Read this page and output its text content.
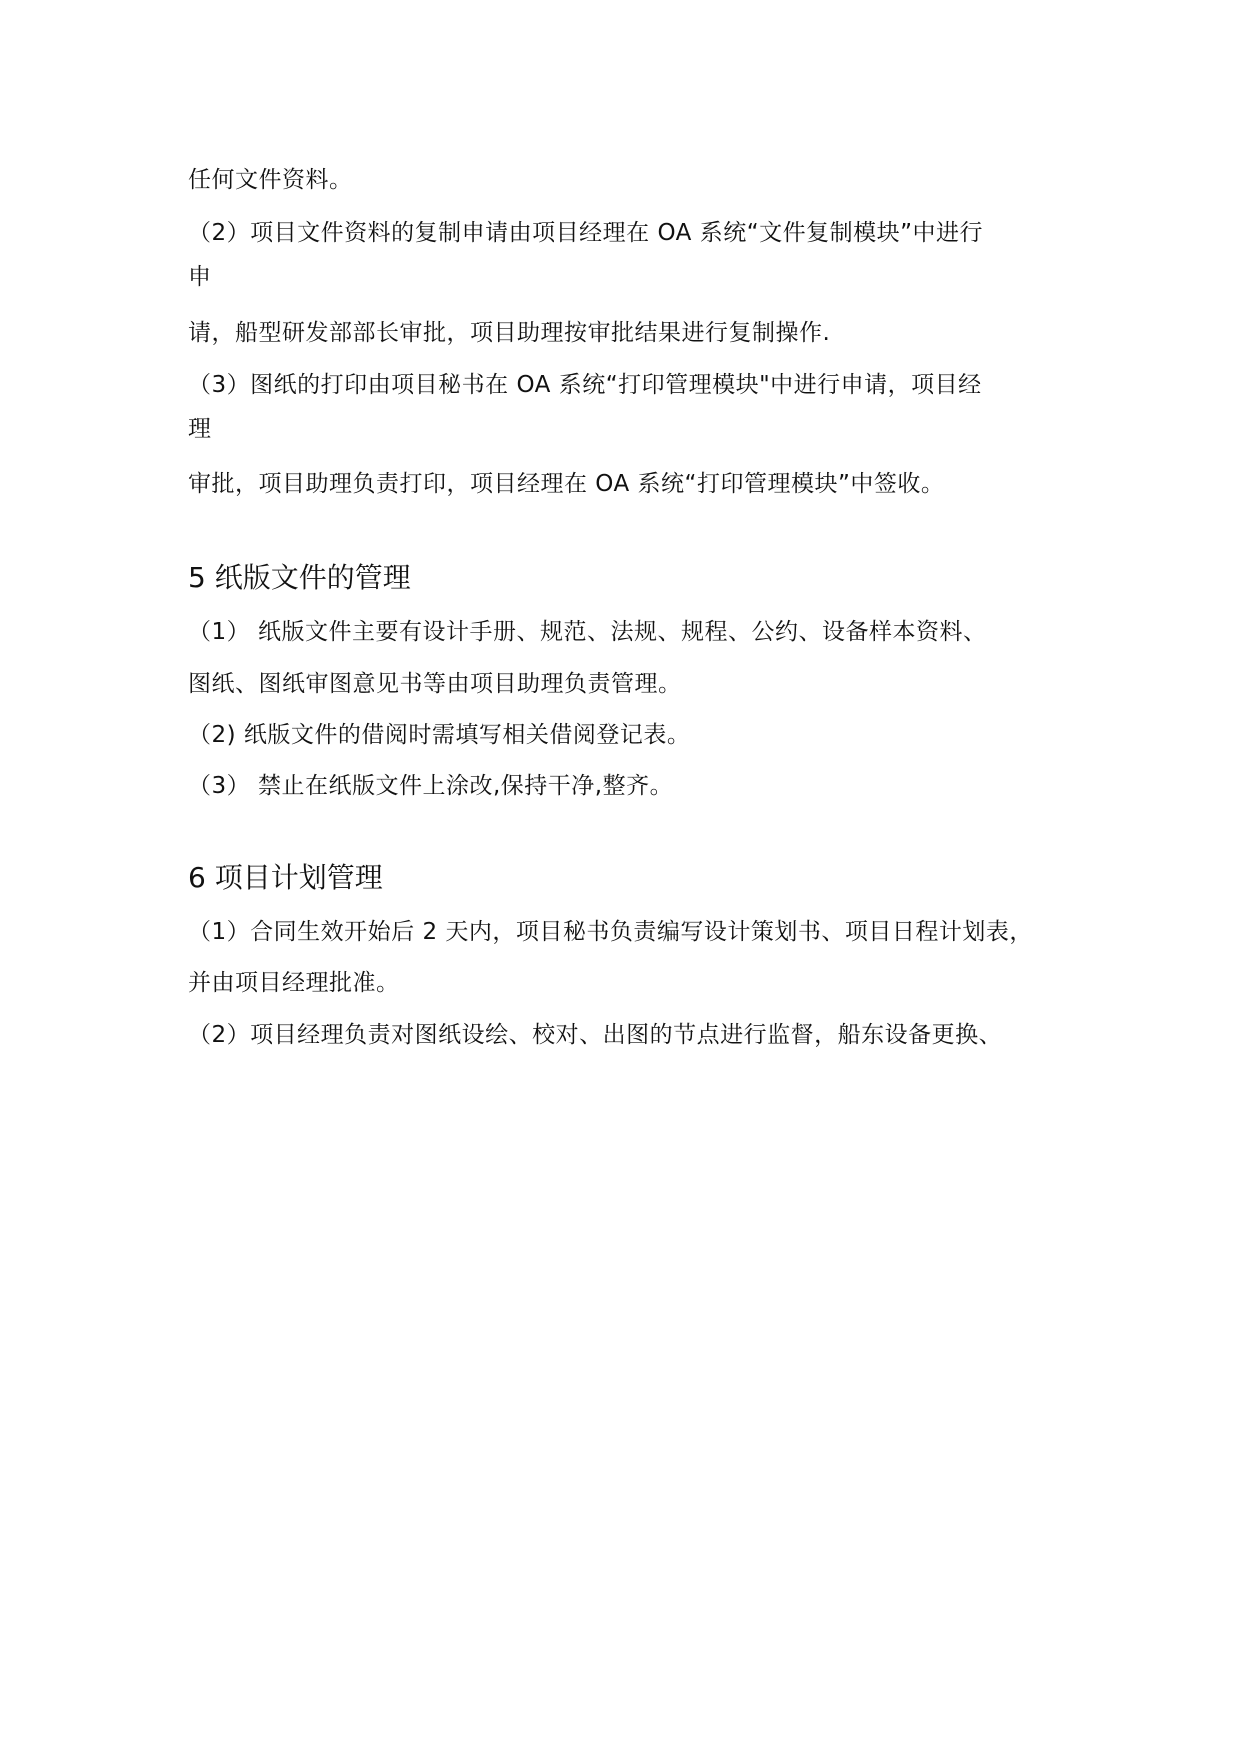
任何文件资料。
（2）项目文件资料的复制申请由项目经理在 OA 系统“文件复制模块”中进行
申
请，船型研发部部长审批，项目助理按审批结果进行复制操作.
（3）图纸的打印由项目秘书在 OA 系统“打印管理模块"中进行申请，项目经
理
审批，项目助理负责打印，项目经理在 OA 系统“打印管理模块”中签收。
5 纸版文件的管理
（1） 纸版文件主要有设计手册、规范、法规、规程、公约、设备样本资料、
图纸、图纸审图意见书等由项目助理负责管理。
（2) 纸版文件的借阅时需填写相关借阅登记表。
（3） 禁止在纸版文件上涂改,保持干净,整齐。
6 项目计划管理
（1）合同生效开始后 2 天内，项目秘书负责编写设计策划书、项目日程计划表，
并由项目经理批准。
（2）项目经理负责对图纸设绘、校对、出图的节点进行监督，船东设备更换、
